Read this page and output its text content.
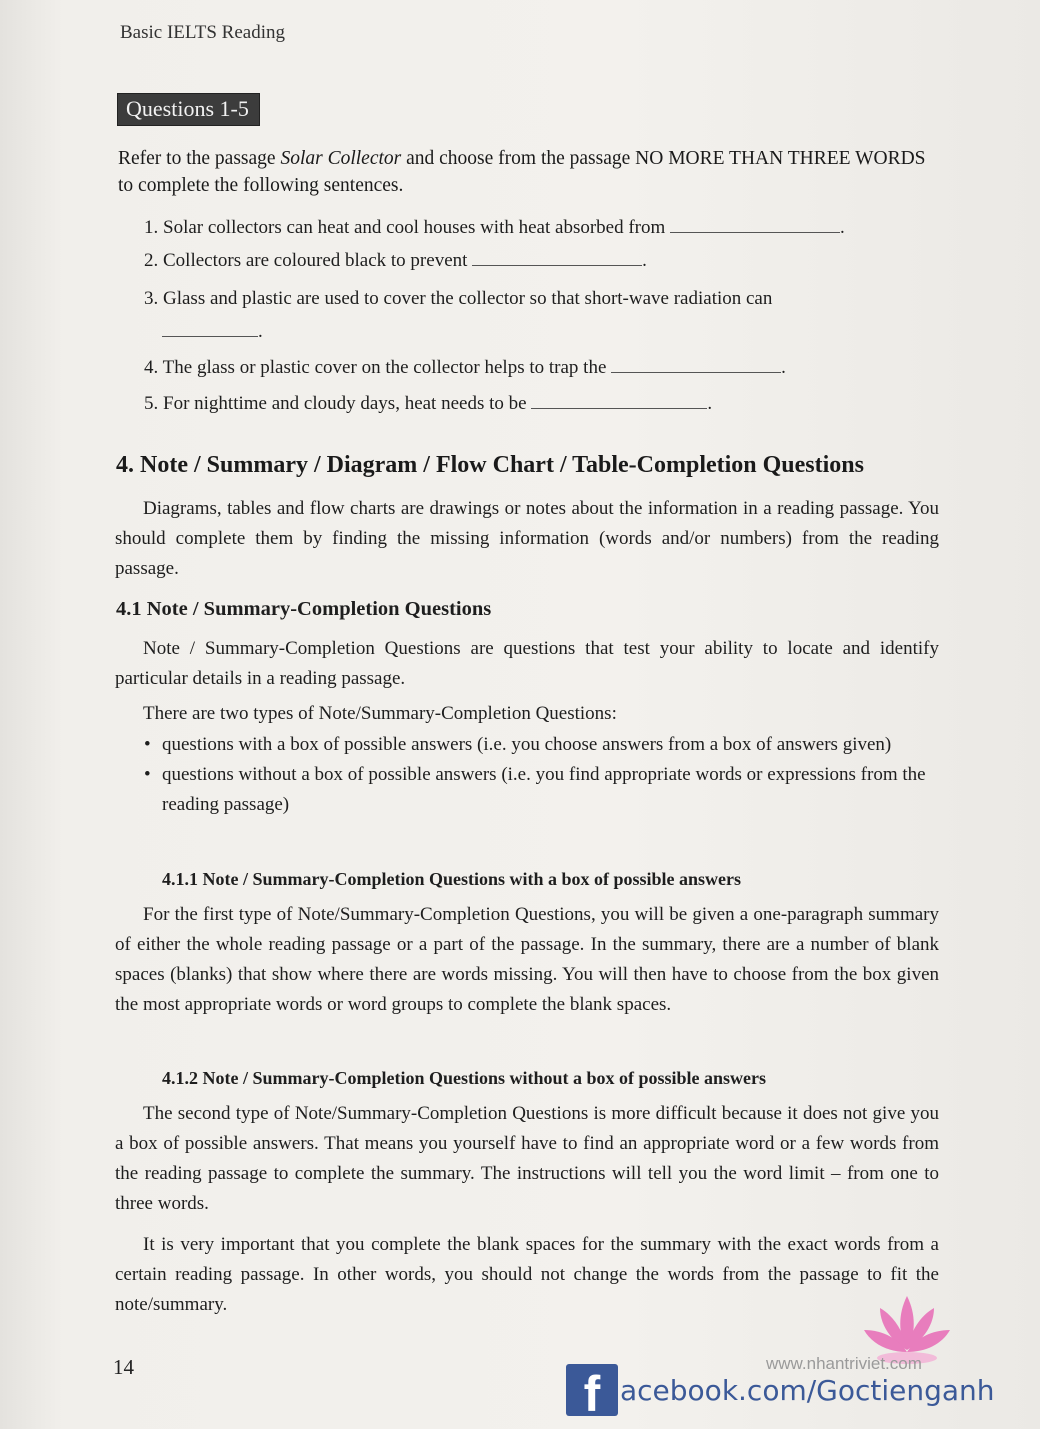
Basic IELTS Reading
Questions 1-5
Refer to the passage Solar Collector and choose from the passage NO MORE THAN THREE WORDS to complete the following sentences.
1. Solar collectors can heat and cool houses with heat absorbed from	.
2. Collectors are coloured black to prevent	.
3. Glass and plastic are used to cover the collector so that short-wave radiation can
.
4. The glass or plastic cover on the collector helps to trap the	.
5. For nighttime and cloudy days, heat needs to be	.
4. Note / Summary / Diagram / Flow Chart / Table-Completion Questions
Diagrams, tables and flow charts are drawings or notes about the information in a reading passage. You should complete them by finding the missing information (words and/or numbers) from the reading passage.
4.1 Note / Summary-Completion Questions
Note / Summary-Completion Questions are questions that test your ability to locate and identify particular details in a reading passage.
There are two types of Note/Summary-Completion Questions:
• questions with a box of possible answers (i.e. you choose answers from a box of answers given)
• questions without a box of possible answers (i.e. you find appropriate words or expressions from the reading passage)
4.1.1 Note / Summary-Completion Questions with a box of possible answers
For the first type of Note/Summary-Completion Questions, you will be given a one-paragraph summary of either the whole reading passage or a part of the passage. In the summary, there are a number of blank spaces (blanks) that show where there are words missing. You will then have to choose from the box given the most appropriate words or word groups to complete the blank spaces.
4.1.2 Note / Summary-Completion Questions without a box of possible answers
The second type of Note/Summary-Completion Questions is more difficult because it does not give you a box of possible answers. That means you yourself have to find an appropriate word or a few words from the reading passage to complete the summary. The instructions will tell you the word limit – from one to three words.
It is very important that you complete the blank spaces for the summary with the exact words from a certain reading passage. In other words, you should not change the words from the passage to fit the note/summary.
14	www.nhantriviet.com
f acebook.com/Goctienganh
